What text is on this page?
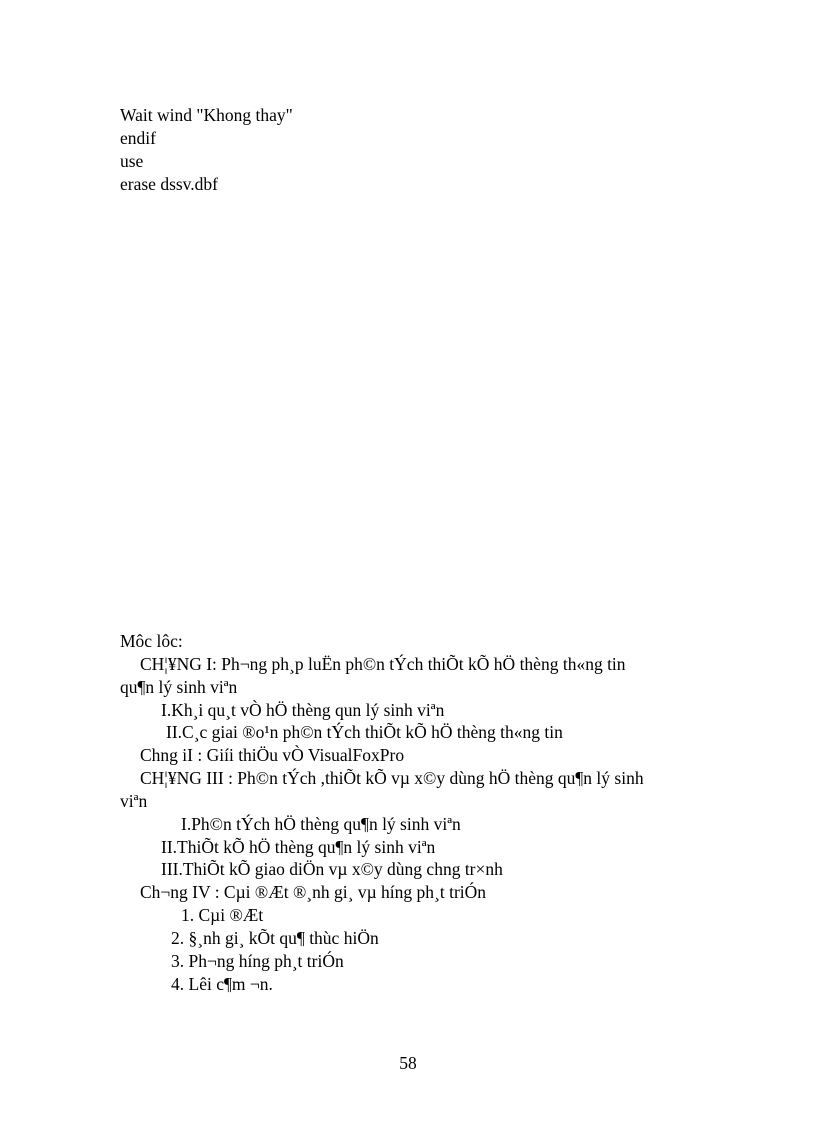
Wait wind "Khong thay"
endif
use
erase dssv.dbf
Môc lôc:
CH¦¥NG I: Ph¬ng ph¸p luËn ph©n tÝch thiÕt kÕ hÖ thèng th«ng tin
qu¶n lý sinh viªn
I.Kh¸i qu¸t vÒ hÖ thèng qun lý sinh viªn
II.C¸c giai ®o¹n ph©n tÝch thiÕt kÕ hÖ thèng th«ng tin
Chng iI : Giíi thiÖu vÒ VisualFoxPro
CH¦¥NG III : Ph©n tÝch ,thiÕt kÕ vµ x©y dùng hÖ thèng qu¶n lý sinh
viªn
I.Ph©n tÝch hÖ thèng qu¶n lý sinh viªn
II.ThiÕt kÕ hÖ thèng qu¶n lý sinh viªn
III.ThiÕt kÕ giao diÖn vµ x©y dùng chng tr×nh
Ch¬ng IV : Cµi ®Æt ®¸nh gi¸ vµ híng ph¸t triÓn
1. Cµi ®Æt
2. §¸nh gi¸ kÕt qu¶ thùc hiÖn
3. Ph¬ng híng ph¸t triÓn
4. Lêi c¶m ¬n.
58
